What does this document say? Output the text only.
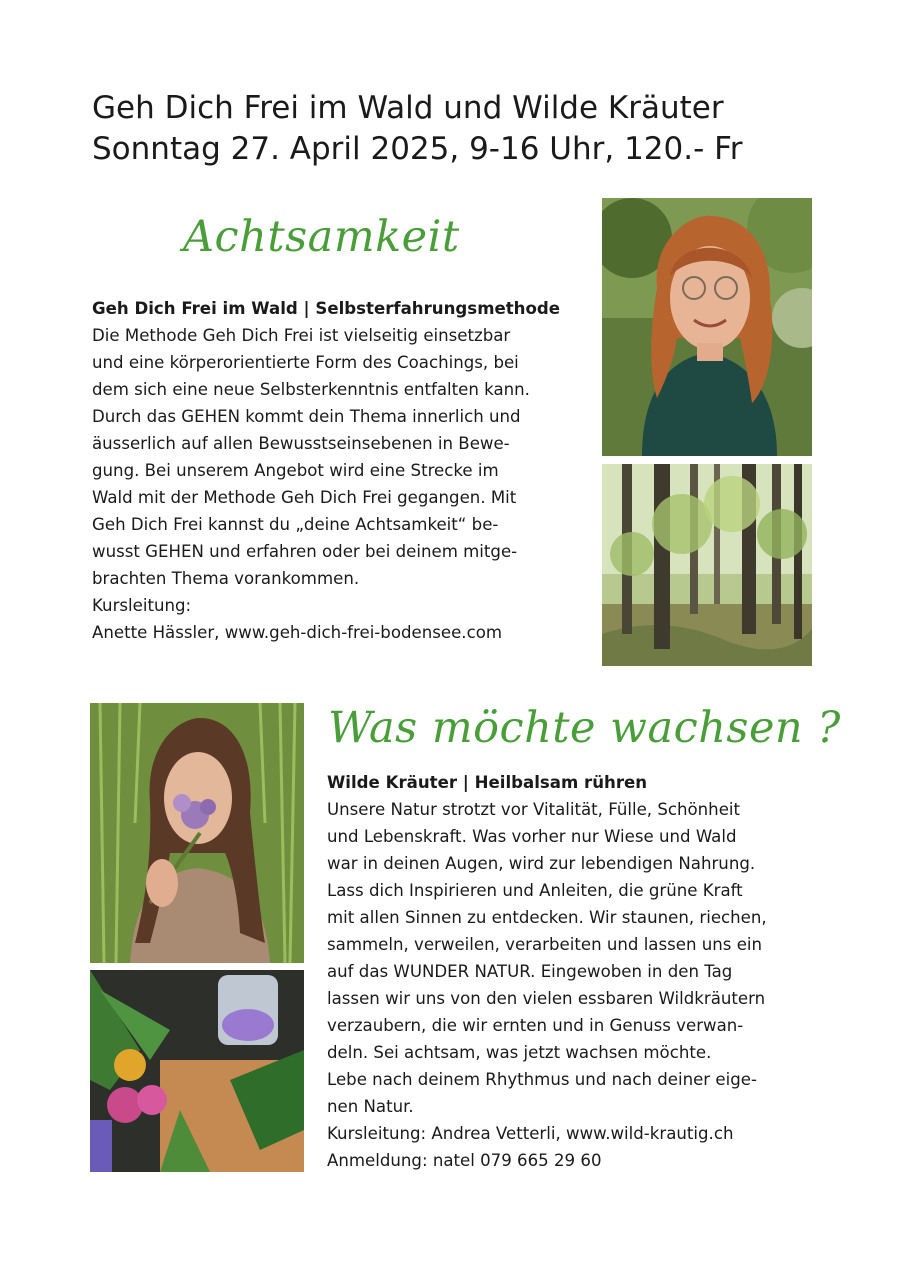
Geh Dich Frei im Wald und Wilde Kräuter
Sonntag 27. April 2025, 9-16 Uhr, 120.- Fr
Achtsamkeit
Geh Dich Frei im Wald | Selbsterfahrungsmethode
Die Methode Geh Dich Frei ist vielseitig einsetzbar
und eine körperorientierte Form des Coachings, bei
dem sich eine neue Selbsterkenntnis entfalten kann.
Durch das GEHEN kommt dein Thema innerlich und
äusserlich auf allen Bewusstseinsebenen in Bewe-
gung. Bei unserem Angebot wird eine Strecke im
Wald mit der Methode Geh Dich Frei gegangen. Mit
Geh Dich Frei kannst du „deine Achtsamkeit“ be-
wusst GEHEN und erfahren oder bei deinem mitge-
brachten Thema vorankommen.
Kursleitung:
Anette Hässler, www.geh-dich-frei-bodensee.com
Was möchte wachsen ?
Wilde Kräuter | Heilbalsam rühren
Unsere Natur strotzt vor Vitalität, Fülle, Schönheit
und Lebenskraft. Was vorher nur Wiese und Wald
war in deinen Augen, wird zur lebendigen Nahrung.
Lass dich Inspirieren und Anleiten, die grüne Kraft
mit allen Sinnen zu entdecken. Wir staunen, riechen,
sammeln, verweilen, verarbeiten und lassen uns ein
auf das WUNDER NATUR. Eingewoben in den Tag
lassen wir uns von den vielen essbaren Wildkräutern
verzaubern, die wir ernten und in Genuss verwan-
deln. Sei achtsam, was jetzt wachsen möchte.
Lebe nach deinem Rhythmus und nach deiner eige-
nen Natur.
Kursleitung: Andrea Vetterli, www.wild-krautig.ch
Anmeldung: natel 079 665 29 60
